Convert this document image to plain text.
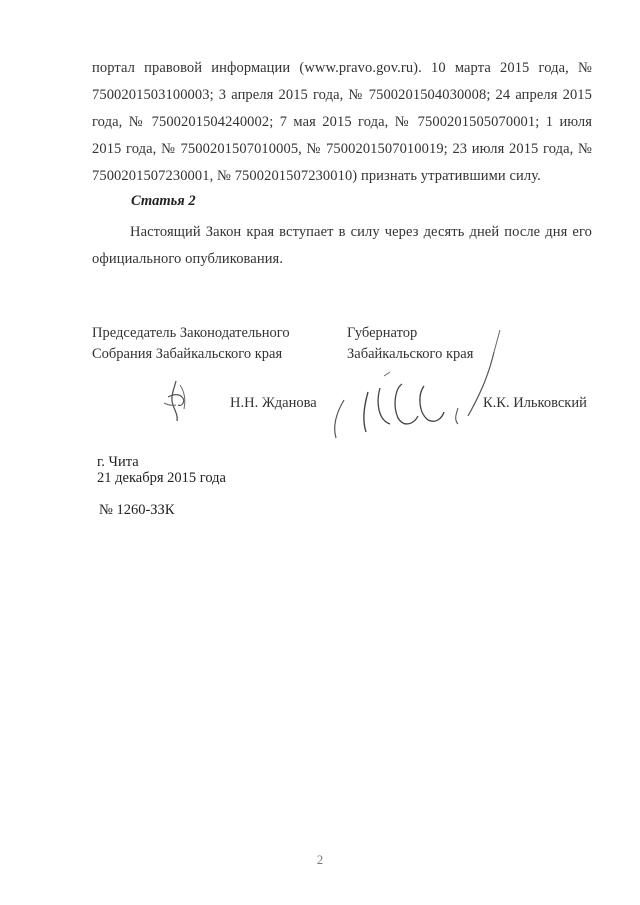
портал правовой информации (www.pravo.gov.ru). 10 марта 2015 года, № 7500201503100003; 3 апреля 2015 года, № 7500201504030008; 24 апреля 2015 года, № 7500201504240002; 7 мая 2015 года, № 7500201505070001; 1 июля 2015 года, № 7500201507010005, № 7500201507010019; 23 июля 2015 года, № 7500201507230001, № 7500201507230010) признать утратившими силу.
Статья 2
Настоящий Закон края вступает в силу через десять дней после дня его официального опубликования.
Председатель Законодательного
Собрания Забайкальского края
Губернатор
Забайкальского края
Н.Н. Жданова	К.К. Ильковский
г. Чита
21 декабря 2015 года
№ 1260-ЗЗК
2
